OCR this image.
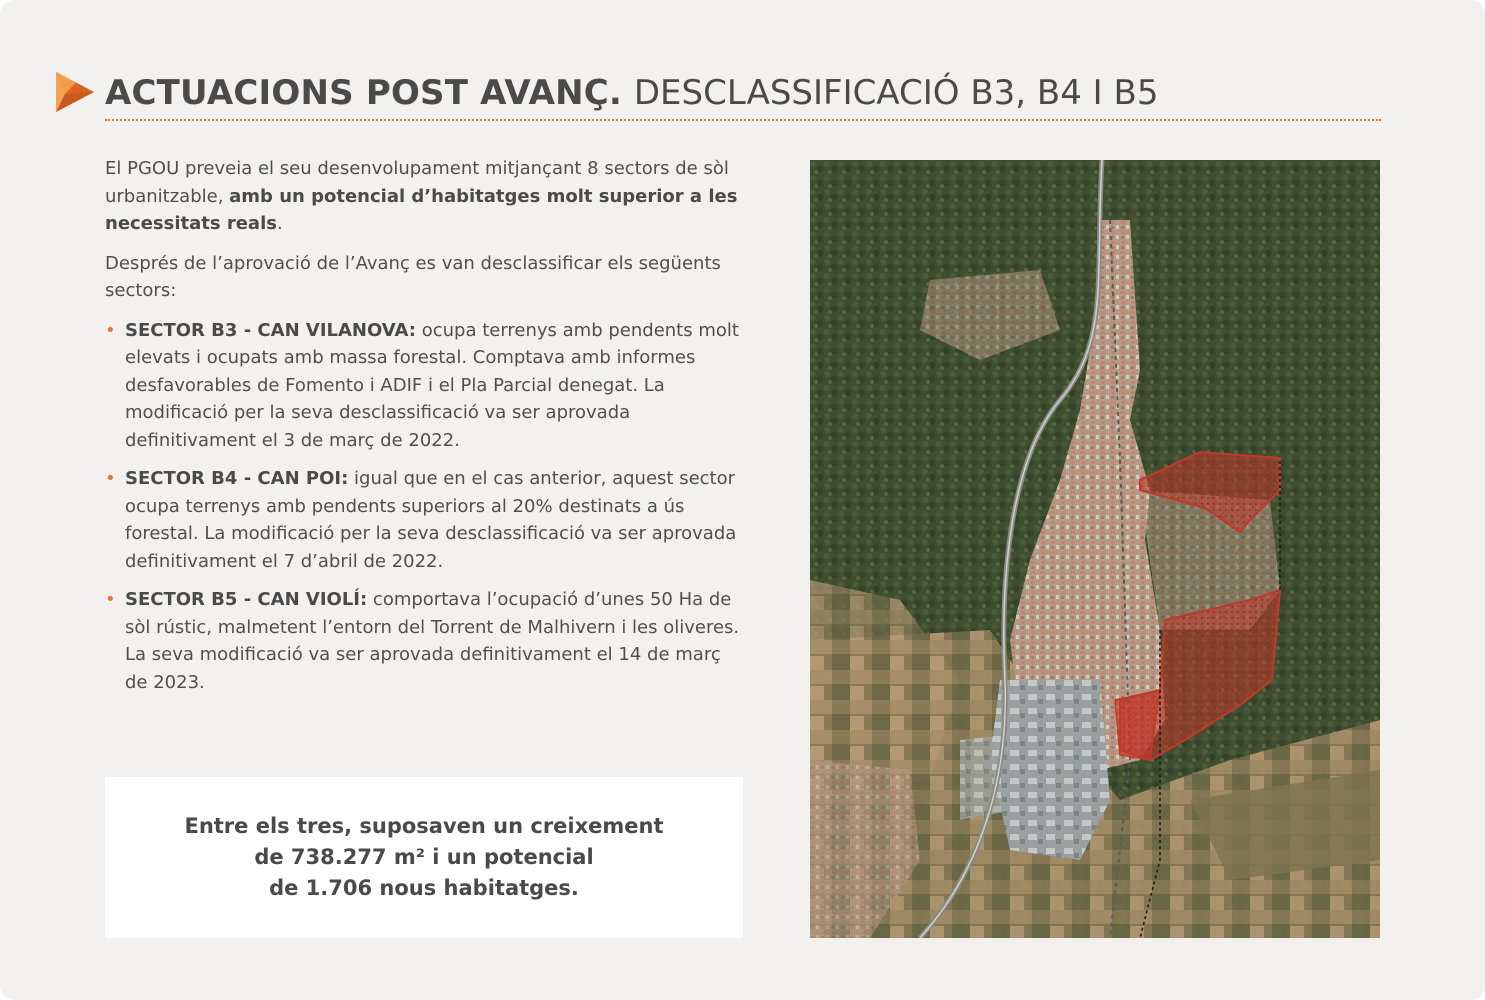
ACTUACIONS POST AVANÇ. DESCLASSIFICACIÓ B3, B4 I B5

El PGOU preveia el seu desenvolupament mitjançant 8 sectors de sòl urbanitzable, amb un potencial d’habitatges molt superior a les necessitats reals.

Després de l’aprovació de l’Avanç es van desclassificar els següents sectors:

• SECTOR B3 - CAN VILANOVA: ocupa terrenys amb pendents molt elevats i ocupats amb massa forestal. Comptava amb informes desfavorables de Fomento i ADIF i el Pla Parcial denegat. La modificació per la seva desclassificació va ser aprovada definitivament el 3 de març de 2022.
• SECTOR B4 - CAN POI: igual que en el cas anterior, aquest sector ocupa terrenys amb pendents superiors al 20% destinats a ús forestal. La modificació per la seva desclassificació va ser aprovada definitivament el 7 d’abril de 2022.
• SECTOR B5 - CAN VIOLÍ: comportava l’ocupació d’unes 50 Ha de sòl rústic, malmetent l’entorn del Torrent de Malhivern i les oliveres. La seva modificació va ser aprovada definitivament el 14 de març de 2023.
Entre els tres, suposaven un creixement
de 738.277 m² i un potencial
de 1.706 nous habitatges.
